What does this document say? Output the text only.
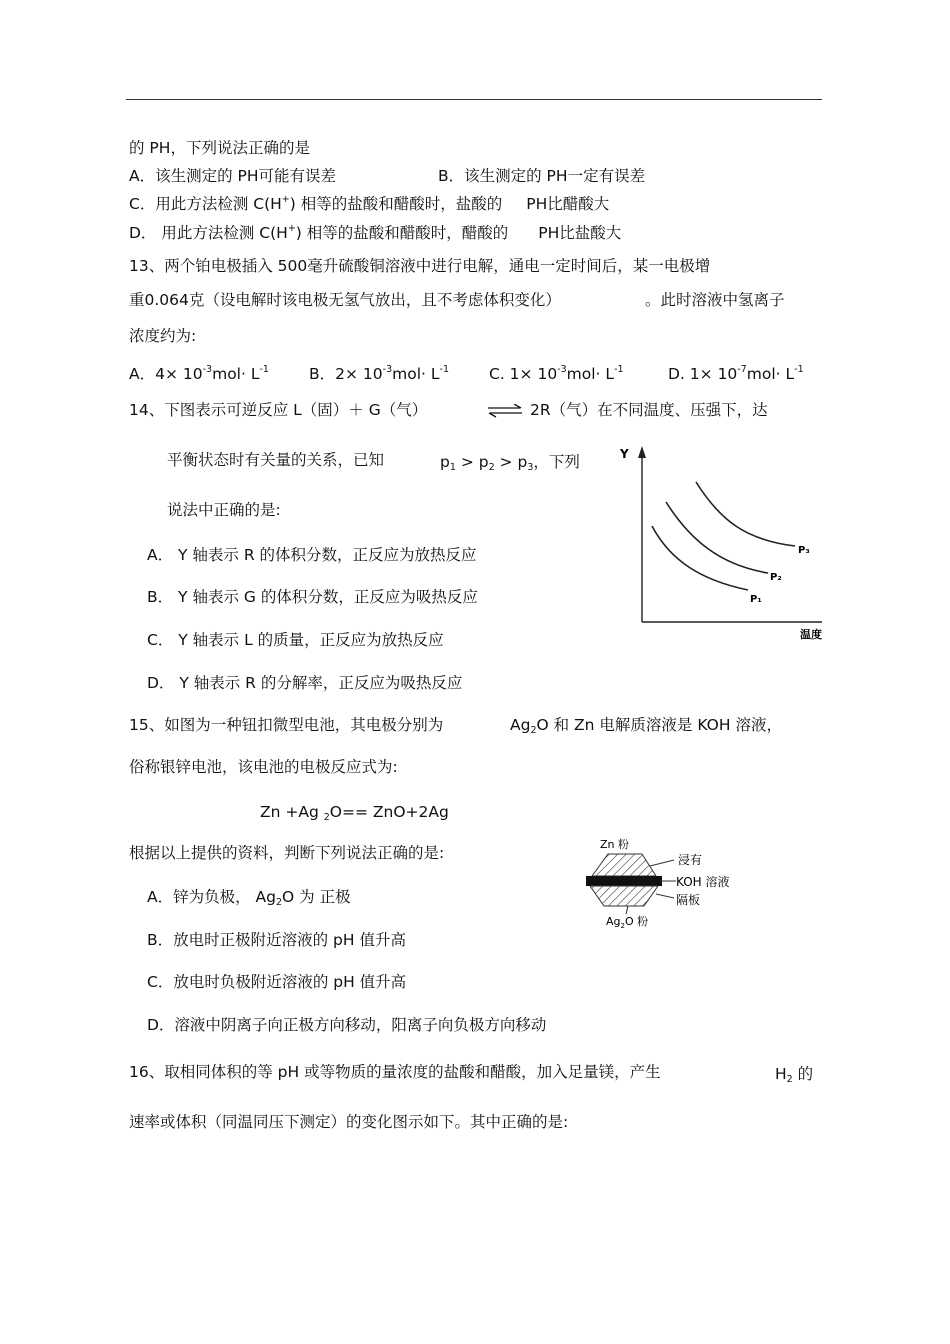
的 PH，下列说法正确的是
A．该生测定的 PH可能有误差	B．该生测定的 PH一定有误差
C．用此方法检测 C(H+) 相等的盐酸和醋酸时，盐酸的 PH比醋酸大
D． 用此方法检测 C(H+) 相等的盐酸和醋酸时，醋酸的 PH比盐酸大
13、两个铂电极插入 500毫升硫酸铜溶液中进行电解，通电一定时间后，某一电极增
重0.064克（设电解时该电极无氢气放出，且不考虑体积变化）	。此时溶液中氢离子
浓度约为:
A．$4\times 10^{-3}mol\cdot L^{-1}$	B．$2\times 10^{-3}mol\cdot L^{-1}$	C. $1\times 10^{-3}mol\cdot L^{-1}$	D. $1\times 10^{-7}mol\cdot L^{-1}$
14、下图表示可逆反应 L（固）＋ G（气）	⇌ 2R（气）在不同温度、压强下，达
平衡状态时有关量的关系，已知	$p_1 > p_2 > p_3$，下列
说法中正确的是:
A． Y 轴表示 R 的体积分数，正反应为放热反应
B． Y 轴表示 G 的体积分数，正反应为吸热反应
C． Y 轴表示 L 的质量，正反应为放热反应
D． Y 轴表示 R 的分解率，正反应为吸热反应
Y
温度
P₃
P₂
P₁
15、如图为一种钮扣微型电池，其电极分别为	$Ag_2O$ 和 Zn 电解质溶液是 KOH 溶液，
俗称银锌电池，该电池的电极反应式为:
Zn +Ag $_2$O== ZnO+2Ag
根据以上提供的资料，判断下列说法正确的是:
A．锌为负极， $Ag_2O$ 为 正极
B．放电时正极附近溶液的 pH 值升高
C．放电时负极附近溶液的 pH 值升高
D．溶液中阴离子向正极方向移动，阳离子向负极方向移动
Zn 粉
浸有
KOH 溶液
隔板
$Ag_2O$ 粉
16、取相同体积的等 pH 或等物质的量浓度的盐酸和醋酸，加入足量镁，产生	$H_2$ 的
速率或体积（同温同压下测定）的变化图示如下。其中正确的是:
